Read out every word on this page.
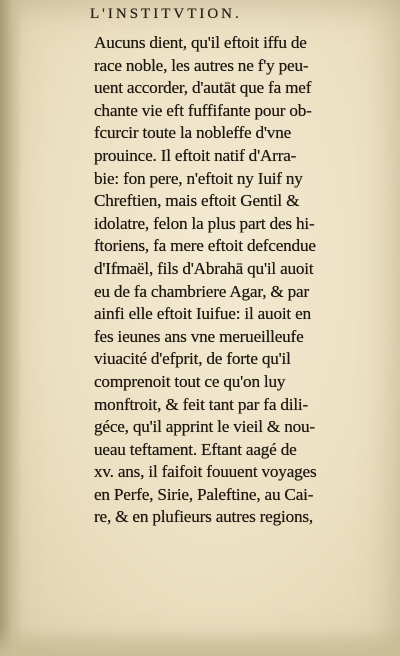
L'INSTITVTION.
Aucuns dient, qu'il eftoit iffu de
race noble, les autres ne f'y peu-
uent accorder, d'autāt que fa mef
chante vie eft fuffifante pour ob-
fcurcir toute la nobleffe d'vne
prouince. Il eftoit natif d'Arra-
bie: fon pere, n'eftoit ny Iuif ny
Chreftien, mais eftoit Gentil &
idolatre, felon la plus part des hi-
ftoriens, fa mere eftoit defcendue
d'Ifmaël, fils d'Abrahā qu'il auoit
eu de fa chambriere Agar, & par
ainfi elle eftoit Iuifue: il auoit en
fes ieunes ans vne merueilleufe
viuacité d'efprit, de forte qu'il
comprenoit tout ce qu'on luy
monftroit, & feit tant par fa dili-
géce, qu'il apprint le vieil & nou-
ueau teftament. Eftant aagé de
xv. ans, il faifoit fouuent voyages
en Perfe, Sirie, Paleftine, au Cai-
re, & en plufieurs autres regions,
